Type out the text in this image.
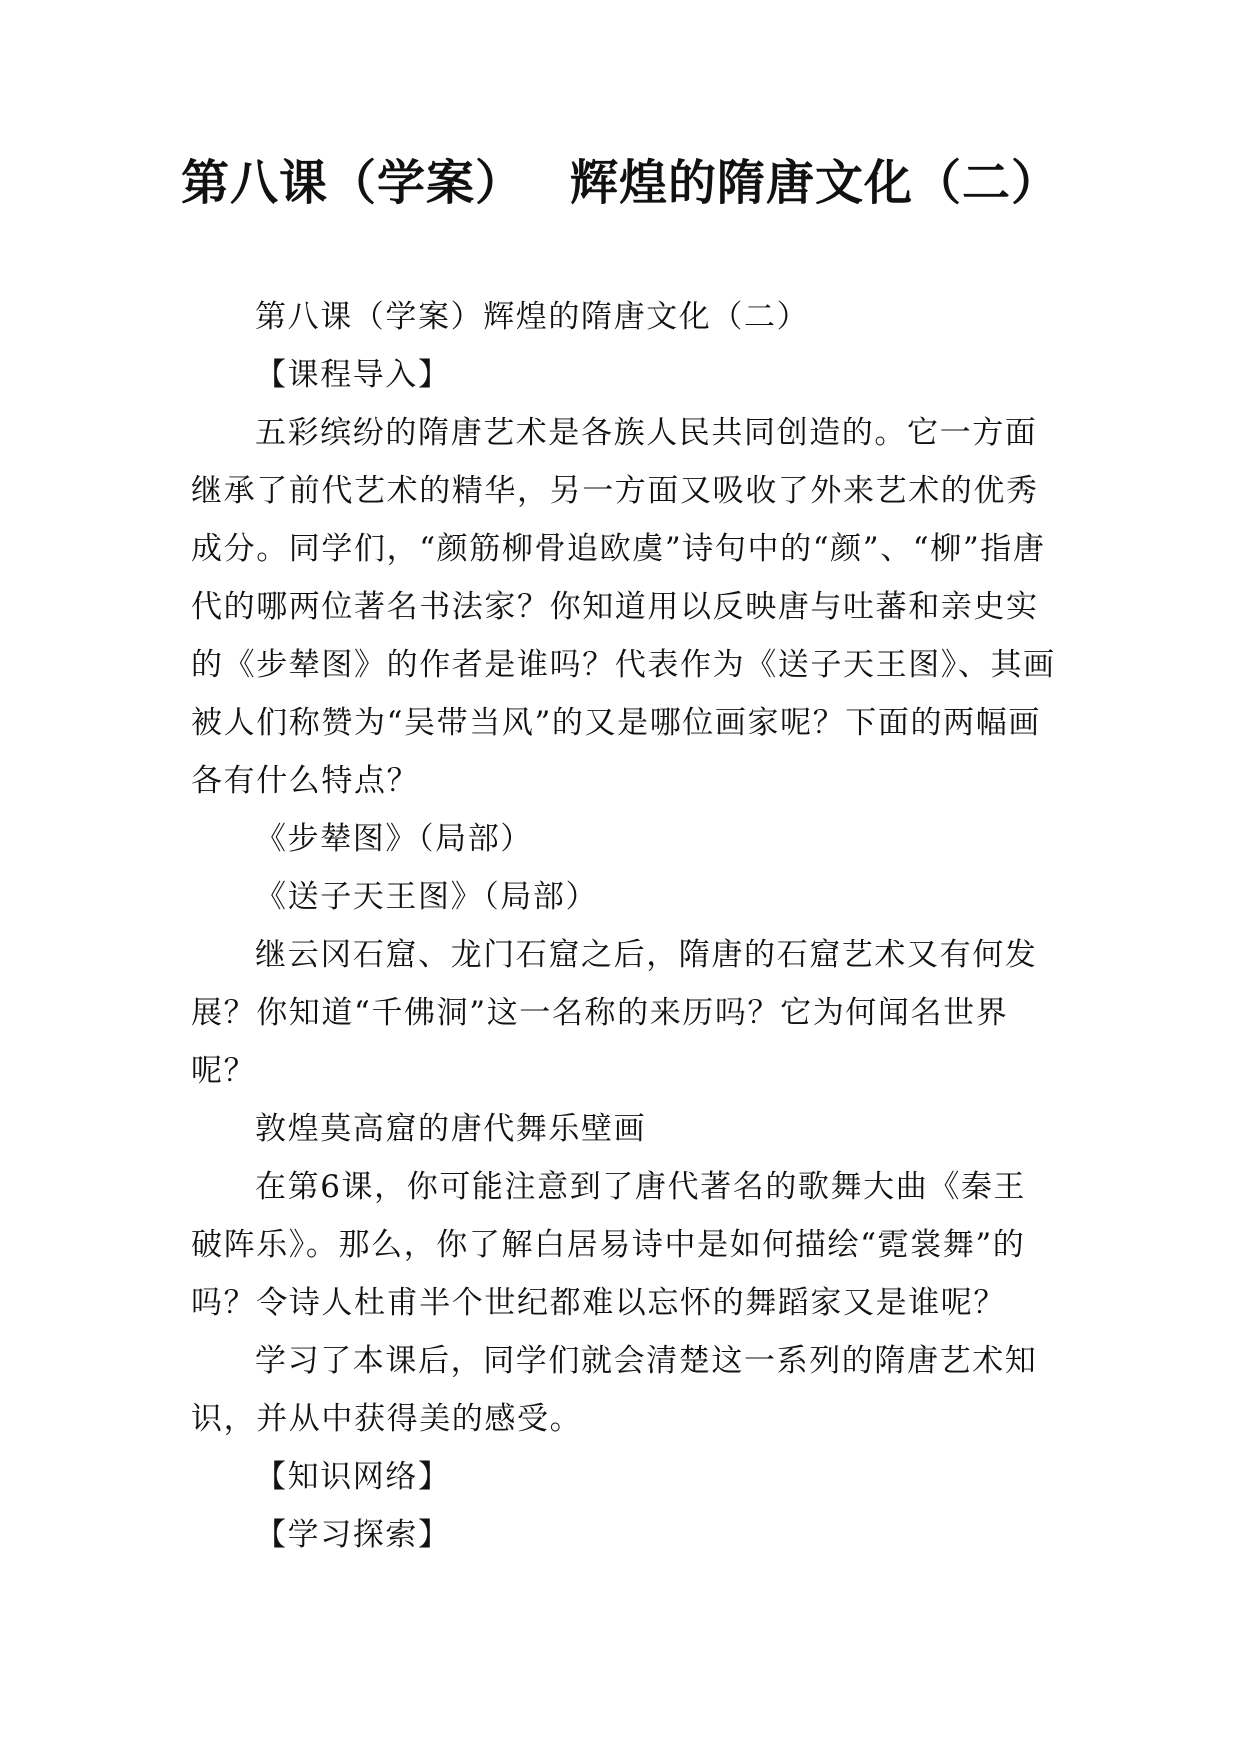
第八课（学案） 辉煌的隋唐文化（二）

第八课（学案）辉煌的隋唐文化（二）

【课程导入】

五彩缤纷的隋唐艺术是各族人民共同创造的。它一方面继承了前代艺术的精华，另一方面又吸收了外来艺术的优秀成分。同学们，“颜筋柳骨追欧虞”诗句中的“颜”、“柳”指唐代的哪两位著名书法家？你知道用以反映唐与吐蕃和亲史实的《步辇图》的作者是谁吗？代表作为《送子天王图》、其画被人们称赞为“吴带当风”的又是哪位画家呢？下面的两幅画各有什么特点？

《步辇图》（局部）

《送子天王图》（局部）

继云冈石窟、龙门石窟之后，隋唐的石窟艺术又有何发展？你知道“千佛洞”这一名称的来历吗？它为何闻名世界呢？

敦煌莫高窟的唐代舞乐壁画

在第6课，你可能注意到了唐代著名的歌舞大曲《秦王破阵乐》。那么，你了解白居易诗中是如何描绘“霓裳舞”的吗？令诗人杜甫半个世纪都难以忘怀的舞蹈家又是谁呢？

学习了本课后，同学们就会清楚这一系列的隋唐艺术知识，并从中获得美的感受。

【知识网络】

【学习探索】
